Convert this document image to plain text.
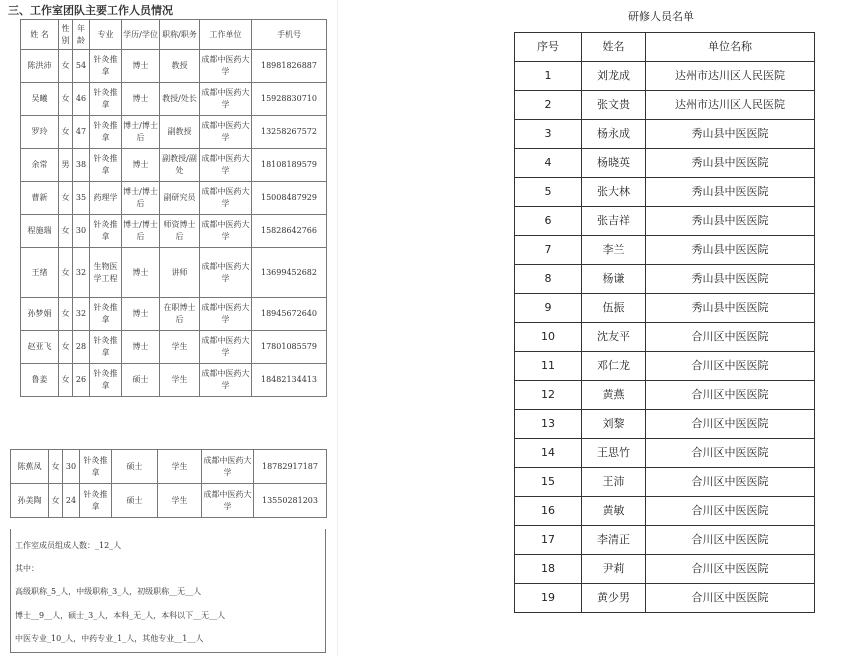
三、工作室团队主要工作人员情况
姓 名	性别	年龄	专业	学历/学位	职称/职务	工作单位	手机号
陈洪沛	女	54	针灸推拿	博士	教授	成都中医药大学	18981826887
吴曦	女	46	针灸推拿	博士	教授/处长	成都中医药大学	15928830710
罗玲	女	47	针灸推拿	博士/博士后	副教授	成都中医药大学	13258267572
余常	男	38	针灸推拿	博士	副教授/副处	成都中医药大学	18108189579
曹新	女	35	药理学	博士/博士后	副研究员	成都中医药大学	15008487929
程施瑞	女	30	针灸推拿	博士/博士后	师资博士后	成都中医药大学	15828642766
王绪	女	32	生物医学工程	博士	讲师	成都中医药大学	13699452682
孙梦娟	女	32	针灸推拿	博士	在职博士后	成都中医药大学	18945672640
赵亚飞	女	28	针灸推拿	博士	学生	成都中医药大学	17801085579
鲁姜	女	26	针灸推拿	硕士	学生	成都中医药大学	18482134413
陈蕉凤	女	30	针灸推拿	硕士	学生	成都中医药大学	18782917187
孙美陶	女	24	针灸推拿	硕士	学生	成都中医药大学	13550281203
工作室成员组成人数：_12_人
其中：
高级职称_5_人，中级职称_3_人，初级职称__无__人
博士__9__人，硕士_3_人，本科_无_人，本科以下__无__人
中医专业_10_人，中药专业_1_人，其他专业__1__人
研修人员名单
序号	姓名	单位名称
1	刘龙成	达州市达川区人民医院
2	张文贵	达州市达川区人民医院
3	杨永成	秀山县中医医院
4	杨晓英	秀山县中医医院
5	张大林	秀山县中医医院
6	张吉祥	秀山县中医医院
7	李兰	秀山县中医医院
8	杨谦	秀山县中医医院
9	伍振	秀山县中医医院
10	沈友平	合川区中医医院
11	邓仁龙	合川区中医医院
12	黄燕	合川区中医医院
13	刘黎	合川区中医医院
14	王思竹	合川区中医医院
15	王沛	合川区中医医院
16	黄敏	合川区中医医院
17	李清正	合川区中医医院
18	尹莉	合川区中医医院
19	黄少男	合川区中医医院
